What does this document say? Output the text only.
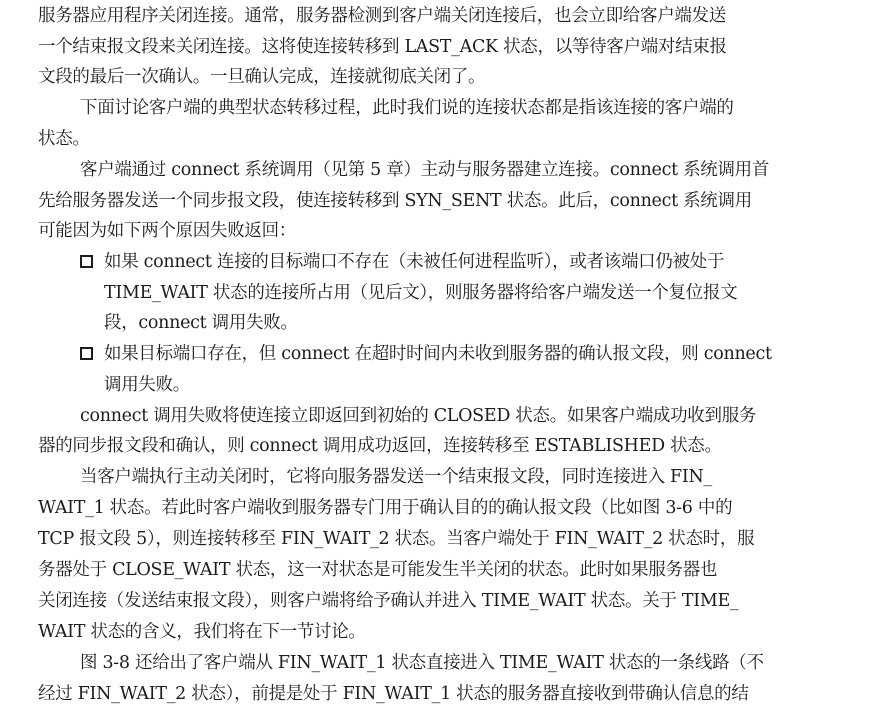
服务器应用程序关闭连接。通常，服务器检测到客户端关闭连接后，也会立即给客户端发送
一个结束报文段来关闭连接。这将使连接转移到 LAST_ACK 状态，以等待客户端对结束报
文段的最后一次确认。一旦确认完成，连接就彻底关闭了。
下面讨论客户端的典型状态转移过程，此时我们说的连接状态都是指该连接的客户端的
状态。
客户端通过 connect 系统调用（见第 5 章）主动与服务器建立连接。connect 系统调用首
先给服务器发送一个同步报文段，使连接转移到 SYN_SENT 状态。此后，connect 系统调用
可能因为如下两个原因失败返回：
如果 connect 连接的目标端口不存在（未被任何进程监听），或者该端口仍被处于
TIME_WAIT 状态的连接所占用（见后文），则服务器将给客户端发送一个复位报文
段，connect 调用失败。
如果目标端口存在，但 connect 在超时时间内未收到服务器的确认报文段，则 connect
调用失败。
connect 调用失败将使连接立即返回到初始的 CLOSED 状态。如果客户端成功收到服务
器的同步报文段和确认，则 connect 调用成功返回，连接转移至 ESTABLISHED 状态。
当客户端执行主动关闭时，它将向服务器发送一个结束报文段，同时连接进入 FIN_
WAIT_1 状态。若此时客户端收到服务器专门用于确认目的的确认报文段（比如图 3-6 中的
TCP 报文段 5），则连接转移至 FIN_WAIT_2 状态。当客户端处于 FIN_WAIT_2 状态时，服
务器处于 CLOSE_WAIT 状态，这一对状态是可能发生半关闭的状态。此时如果服务器也
关闭连接（发送结束报文段），则客户端将给予确认并进入 TIME_WAIT 状态。关于 TIME_
WAIT 状态的含义，我们将在下一节讨论。
图 3-8 还给出了客户端从 FIN_WAIT_1 状态直接进入 TIME_WAIT 状态的一条线路（不
经过 FIN_WAIT_2 状态），前提是处于 FIN_WAIT_1 状态的服务器直接收到带确认信息的结
